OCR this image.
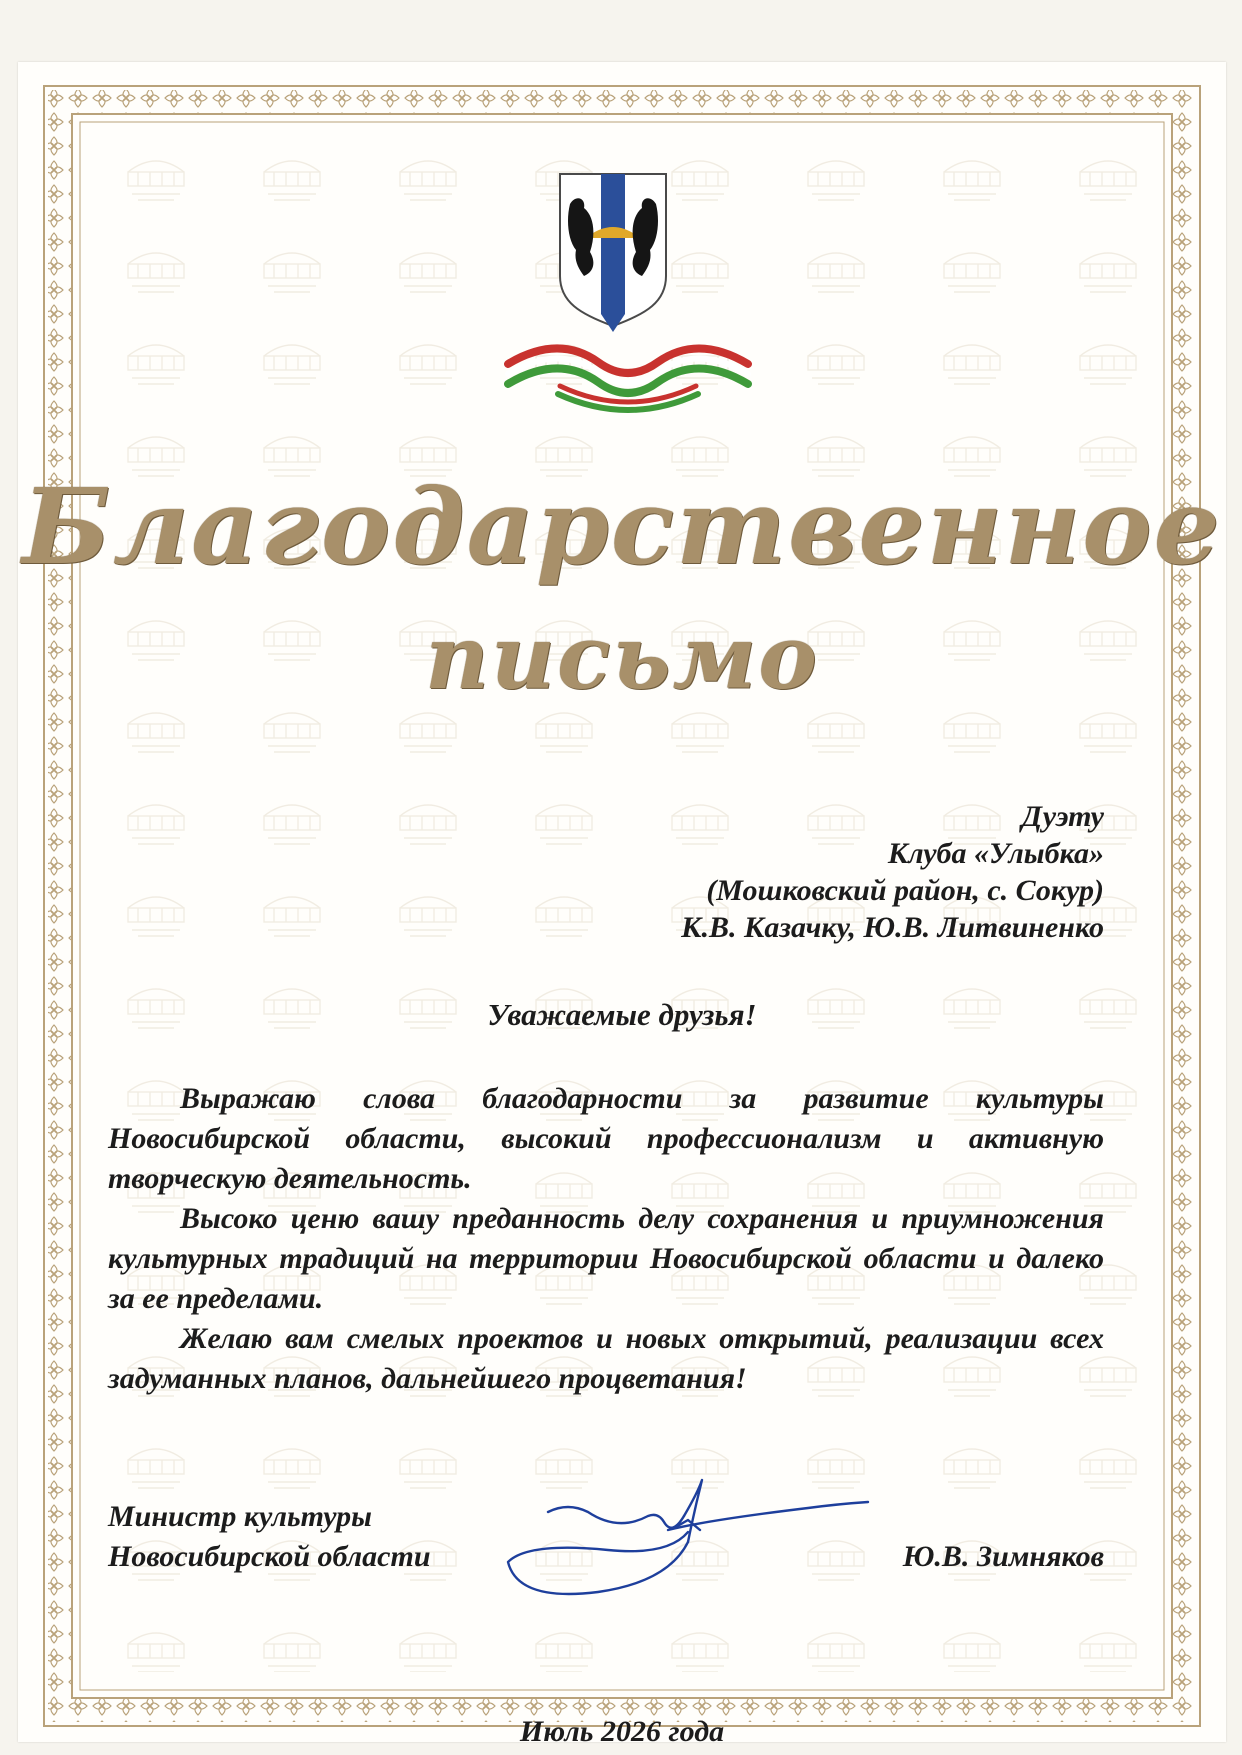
Благодарственное
письмо
Дуэту
Клуба «Улыбка»
(Мошковский район, с. Сокур)
К.В. Казачку, Ю.В. Литвиненко
Уважаемые друзья!

Выражаю слова благодарности за развитие культуры Новосибирской области, высокий профессионализм и активную творческую деятельность.

Высоко ценю вашу преданность делу сохранения и приумножения культурных традиций на территории Новосибирской области и далеко за ее пределами.

Желаю вам смелых проектов и новых открытий, реализации всех задуманных планов, дальнейшего процветания!

Министр культуры
Новосибирской области	Ю.В. Зимняков
Июль 2026 года
